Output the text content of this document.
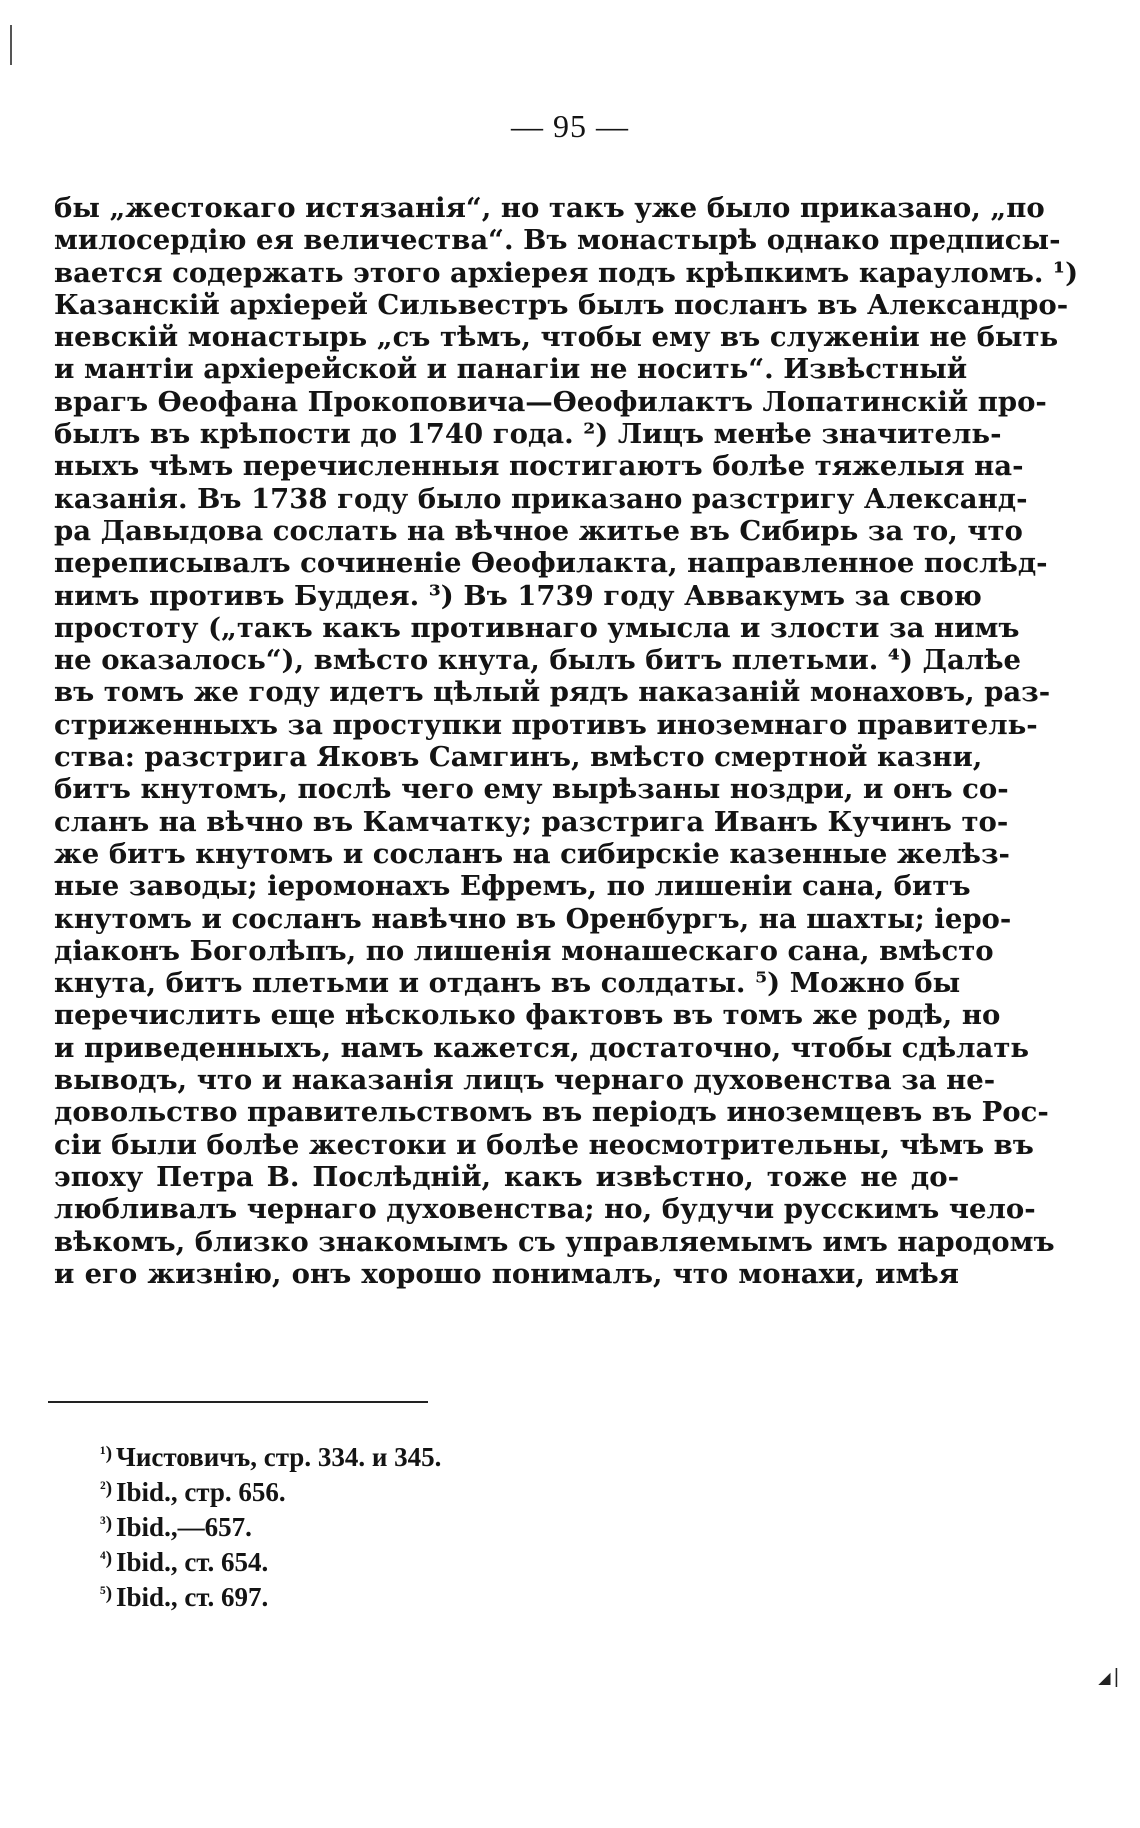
— 95 —
бы „жестокаго истязанія“, но такъ уже было приказано, „по
милосердію ея величества“. Въ монастырѣ однако предписы-
вается содержать этого архіерея подъ крѣпкимъ карауломъ. ¹)
Казанскій архіерей Сильвестръ былъ посланъ въ Александро-
невскій монастырь „съ тѣмъ, чтобы ему въ служеніи не быть
и мантіи архіерейской и панагіи не носить“. Извѣстный
врагъ Ѳеофана Прокоповича—Ѳеофилактъ Лопатинскій про-
былъ въ крѣпости до 1740 года. ²) Лицъ менѣе значитель-
ныхъ чѣмъ перечисленныя постигаютъ болѣе тяжелыя на-
казанія. Въ 1738 году было приказано разстригу Александ-
ра Давыдова сослать на вѣчное житье въ Сибирь за то, что
переписывалъ сочиненіе Ѳеофилакта, направленное послѣд-
нимъ противъ Буддея. ³) Въ 1739 году Аввакумъ за свою
простоту („такъ какъ противнаго умысла и злости за нимъ
не оказалось“), вмѣсто кнута, былъ битъ плетьми. ⁴) Далѣе
въ томъ же году идетъ цѣлый рядъ наказаній монаховъ, раз-
стриженныхъ за проступки противъ иноземнаго правитель-
ства: разстрига Яковъ Самгинъ, вмѣсто смертной казни,
битъ кнутомъ, послѣ чего ему вырѣзаны ноздри, и онъ со-
сланъ на вѣчно въ Камчатку; разстрига Иванъ Кучинъ то-
же битъ кнутомъ и сосланъ на сибирскіе казенные желѣз-
ные заводы; іеромонахъ Ефремъ, по лишеніи сана, битъ
кнутомъ и сосланъ навѣчно въ Оренбургъ, на шахты; іеро-
діаконъ Боголѣпъ, по лишенія монашескаго сана, вмѣсто
кнута, битъ плетьми и отданъ въ солдаты. ⁵) Можно бы
перечислить еще нѣсколько фактовъ въ томъ же родѣ, но
и приведенныхъ, намъ кажется, достаточно, чтобы сдѣлать
выводъ, что и наказанія лицъ чернаго духовенства за не-
довольство правительствомъ въ періодъ иноземцевъ въ Рос-
сіи были болѣе жестоки и болѣе неосмотрительны, чѣмъ въ
эпоху Петра В. Послѣдній, какъ извѣстно, тоже не до-
любливалъ чернаго духовенства; но, будучи русскимъ чело-
вѣкомъ, близко знакомымъ съ управляемымъ имъ народомъ
и его жизнію, онъ хорошо понималъ, что монахи, имѣя
$^{^1)}$ Чистовичъ, стр. 334. и 345.
$^{^2)}$ Ibid., стр. 656.
$^{^3)}$ Ibid.,—657.
$^{^4)}$ Ibid., ст. 654.
$^{^5)}$ Ibid., ст. 697.
◢ ▏
